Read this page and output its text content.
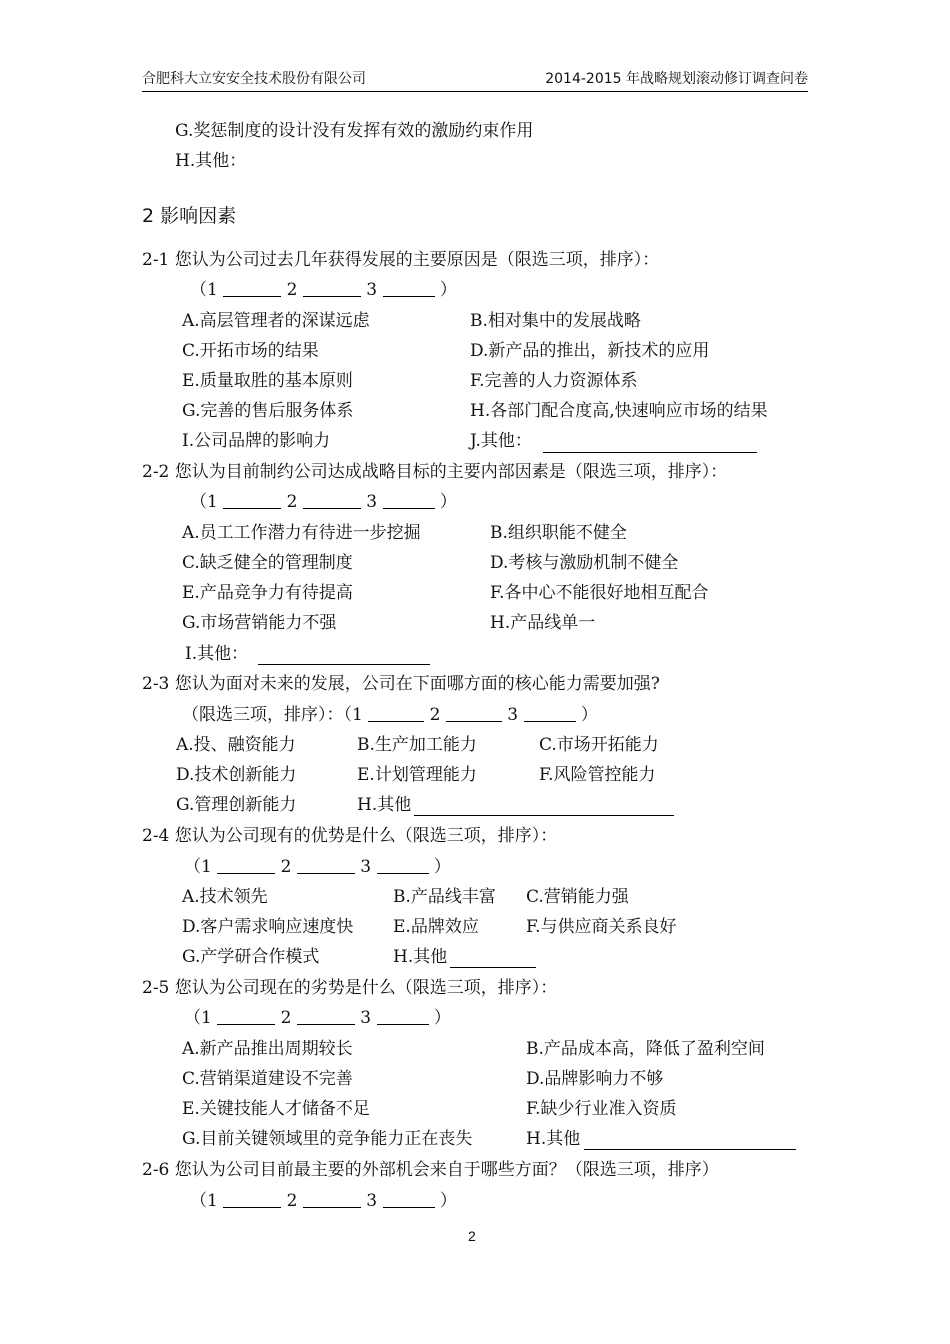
合肥科大立安安全技术股份有限公司	2014-2015 年战略规划滚动修订调查问卷
G.奖惩制度的设计没有发挥有效的激励约束作用
H.其他：
2 影响因素
2-1 您认为公司过去几年获得发展的主要原因是（限选三项，排序）：
（1	2	3	）
A.高层管理者的深谋远虑	B.相对集中的发展战略
C.开拓市场的结果	D.新产品的推出，新技术的应用
E.质量取胜的基本原则	F.完善的人力资源体系
G.完善的售后服务体系	H.各部门配合度高,快速响应市场的结果
I.公司品牌的影响力	J.其他：
2-2 您认为目前制约公司达成战略目标的主要内部因素是（限选三项，排序）：
（1	2	3	）
A.员工工作潜力有待进一步挖掘	B.组织职能不健全
C.缺乏健全的管理制度	D.考核与激励机制不健全
E.产品竞争力有待提高	F.各中心不能很好地相互配合
G.市场营销能力不强	H.产品线单一
I.其他：
2-3 您认为面对未来的发展，公司在下面哪方面的核心能力需要加强?
（限选三项，排序）：（1	2	3	）
A.投、融资能力	B.生产加工能力	C.市场开拓能力
D.技术创新能力	E.计划管理能力	F.风险管控能力
G.管理创新能力	H.其他
2-4 您认为公司现有的优势是什么（限选三项，排序）：
（1	2	3	）
A.技术领先	B.产品线丰富 C.营销能力强
D.客户需求响应速度快 E.品牌效应	F.与供应商关系良好
G.产学研合作模式	H.其他
2-5 您认为公司现在的劣势是什么（限选三项，排序）：
（1	2	3	）
A.新产品推出周期较长	B.产品成本高，降低了盈利空间
C.营销渠道建设不完善	D.品牌影响力不够
E.关键技能人才储备不足	F.缺少行业准入资质
G.目前关键领域里的竞争能力正在丧失	H.其他
2-6 您认为公司目前最主要的外部机会来自于哪些方面？（限选三项，排序）
（1	2	3	）
2
